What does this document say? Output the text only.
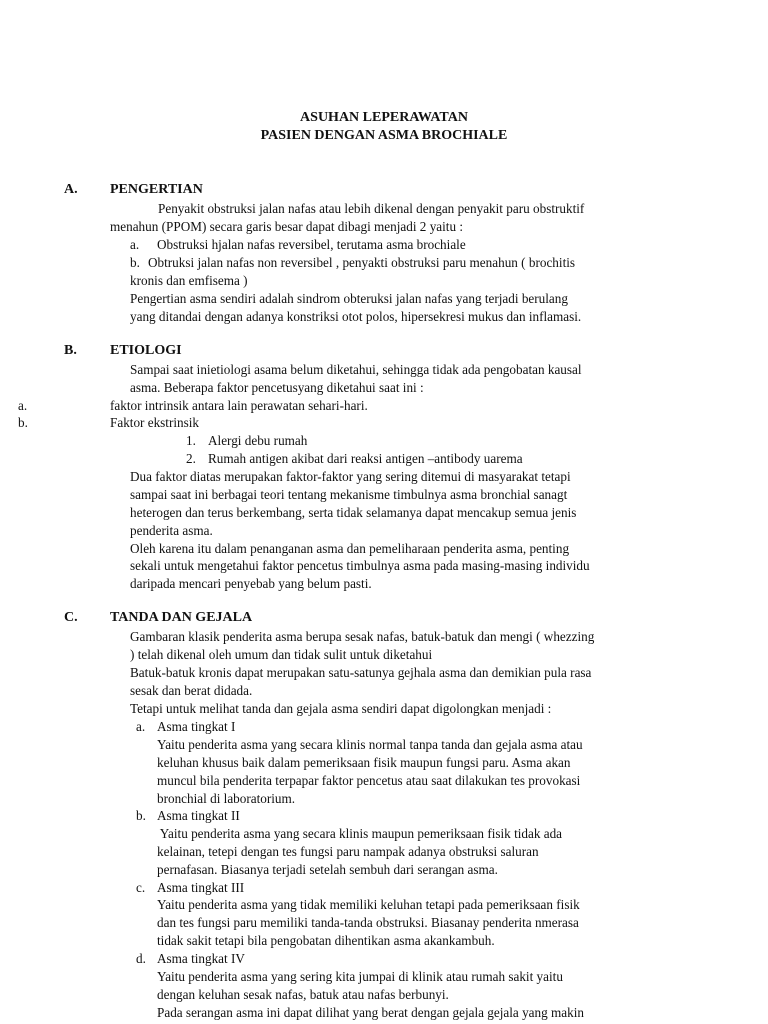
ASUHAN LEPERAWATAN
PASIEN DENGAN ASMA BROCHIALE
A. PENGERTIAN
Penyakit obstruksi jalan nafas atau lebih dikenal dengan penyakit paru obstruktif
menahun (PPOM) secara garis besar dapat dibagi menjadi 2 yaitu :
a. Obstruksi hjalan nafas reversibel, terutama asma brochiale
b. Obtruksi jalan nafas non reversibel , penyakti obstruksi paru menahun ( brochitis
kronis dan emfisema )
Pengertian asma sendiri adalah sindrom obteruksi jalan nafas yang terjadi berulang
yang ditandai dengan adanya konstriksi otot polos, hipersekresi mukus dan inflamasi.
B. ETIOLOGI
Sampai saat inietiologi asama belum diketahui, sehingga tidak ada pengobatan kausal
asma. Beberapa faktor pencetusyang diketahui saat ini :
a.	faktor intrinsik antara lain perawatan sehari-hari.
b.	Faktor ekstrinsik
1. Alergi debu rumah
2. Rumah antigen akibat dari reaksi antigen –antibody uarema
Dua faktor diatas merupakan faktor-faktor yang sering ditemui di masyarakat tetapi
sampai saat ini berbagai teori tentang mekanisme timbulnya asma bronchial sanagt
heterogen dan terus berkembang, serta tidak selamanya dapat mencakup semua jenis
penderita asma.
Oleh karena itu dalam penanganan asma dan pemeliharaan penderita asma, penting
sekali untuk mengetahui faktor pencetus timbulnya asma pada masing-masing individu
daripada mencari penyebab yang belum pasti.
C. TANDA DAN GEJALA
Gambaran klasik penderita asma berupa sesak nafas, batuk-batuk dan mengi ( whezzing
) telah dikenal oleh umum dan tidak sulit untuk diketahui
Batuk-batuk kronis dapat merupakan satu-satunya gejhala asma dan demikian pula rasa
sesak dan berat didada.
Tetapi untuk melihat tanda dan gejala asma sendiri dapat digolongkan menjadi :
a. Asma tingkat I
Yaitu penderita asma yang secara klinis normal tanpa tanda dan gejala asma atau
keluhan khusus baik dalam pemeriksaan fisik maupun fungsi paru. Asma akan
muncul bila penderita terpapar faktor pencetus atau saat dilakukan tes provokasi
bronchial di laboratorium.
b. Asma tingkat II
Yaitu penderita asma yang secara klinis maupun pemeriksaan fisik tidak ada
kelainan, tetepi dengan tes fungsi paru nampak adanya obstruksi saluran
pernafasan. Biasanya terjadi setelah sembuh dari serangan asma.
c. Asma tingkat III
Yaitu penderita asma yang tidak memiliki keluhan tetapi pada pemeriksaan fisik
dan tes fungsi paru memiliki tanda-tanda obstruksi. Biasanay penderita nmerasa
tidak sakit tetapi bila pengobatan dihentikan asma akankambuh.
d. Asma tingkat IV
Yaitu penderita asma yang sering kita jumpai di klinik atau rumah sakit yaitu
dengan keluhan sesak nafas, batuk atau nafas berbunyi.
Pada serangan asma ini dapat dilihat yang berat dengan gejala gejala yang makin
